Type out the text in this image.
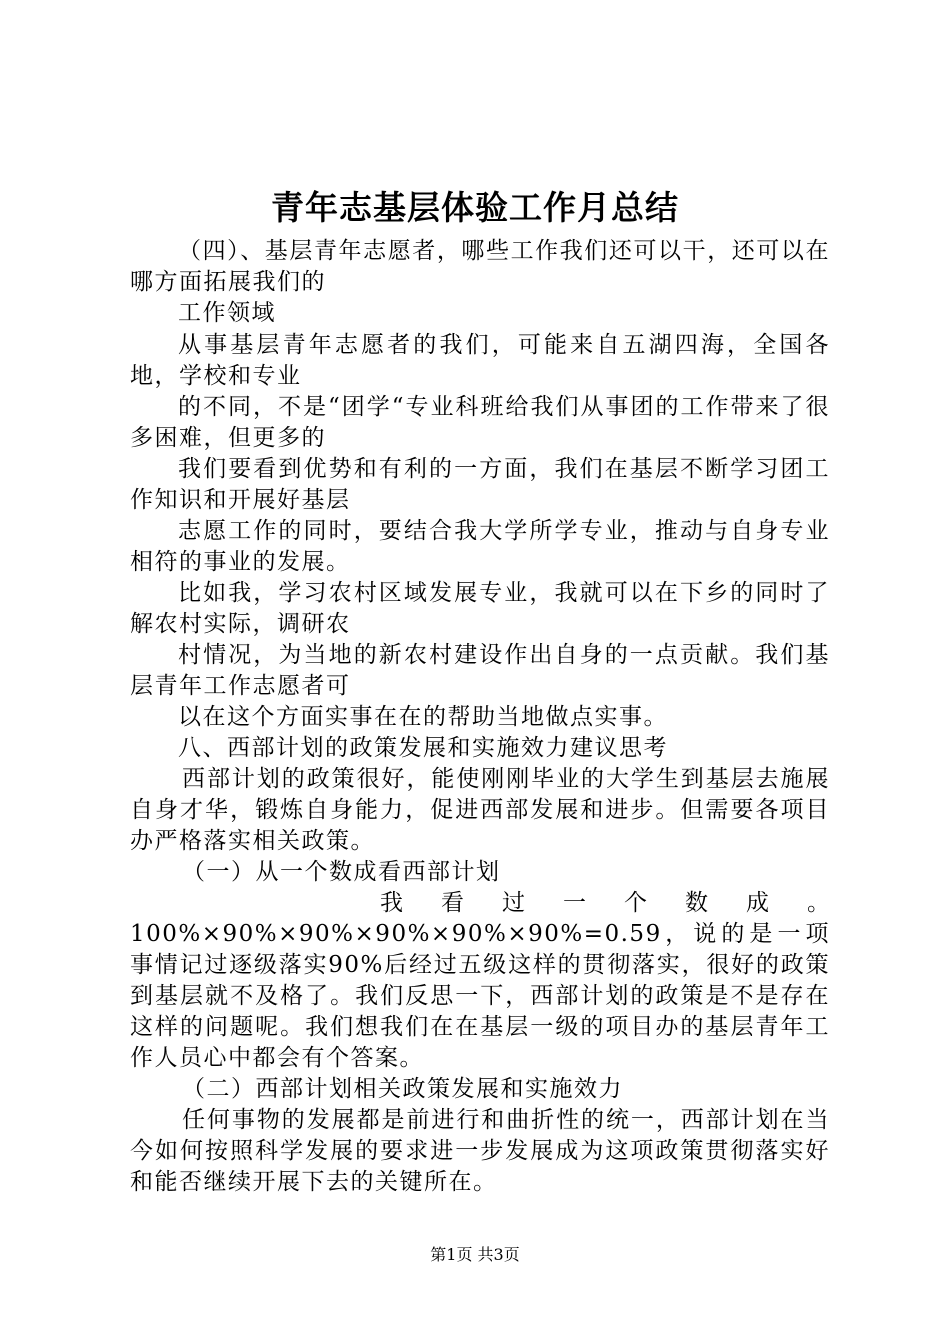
青年志基层体验工作月总结

（四）、基层青年志愿者，哪些工作我们还可以干，还可以在哪方面拓展我们的

工作领域

从事基层青年志愿者的我们，可能来自五湖四海，全国各地，学校和专业

的不同，不是“团学“专业科班给我们从事团的工作带来了很多困难，但更多的

我们要看到优势和有利的一方面，我们在基层不断学习团工作知识和开展好基层

志愿工作的同时，要结合我大学所学专业，推动与自身专业相符的事业的发展。

比如我，学习农村区域发展专业，我就可以在下乡的同时了解农村实际，调研农

村情况，为当地的新农村建设作出自身的一点贡献。我们基层青年工作志愿者可

以在这个方面实事在在的帮助当地做点实事。

八、西部计划的政策发展和实施效力建议思考

西部计划的政策很好，能使刚刚毕业的大学生到基层去施展自身才华，锻炼自身能力，促进西部发展和进步。但需要各项目办严格落实相关政策。

（一）从一个数成看西部计划

我 看 过 一 个 数 成 。

100%×90%×90%×90%×90%×90%=0.59，说的是一项事情记过逐级落实90%后经过五级这样的贯彻落实，很好的政策到基层就不及格了。我们反思一下，西部计划的政策是不是存在这样的问题呢。我们想我们在在基层一级的项目办的基层青年工作人员心中都会有个答案。

（二）西部计划相关政策发展和实施效力

任何事物的发展都是前进行和曲折性的统一，西部计划在当今如何按照科学发展的要求进一步发展成为这项政策贯彻落实好和能否继续开展下去的关键所在。

第1页 共3页
